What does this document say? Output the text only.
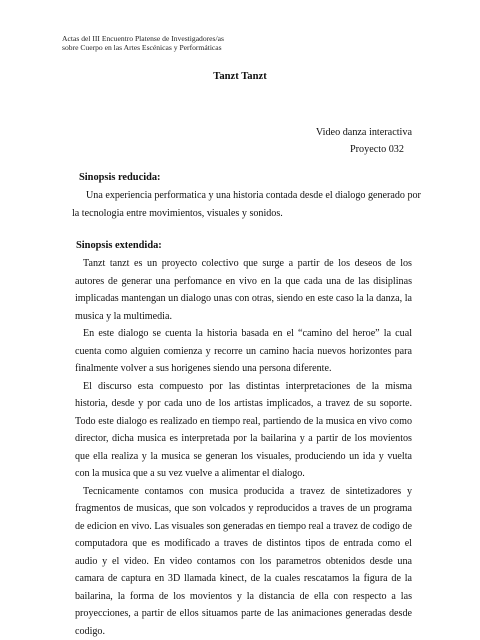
Actas del III Encuentro Platense de Investigadores/as
sobre Cuerpo en las Artes Escénicas y Performáticas
Tanzt Tanzt
Video danza interactiva
Proyecto 032
Sinopsis reducida:
Una experiencia performatica y una historia contada desde el dialogo generado por
la tecnologia entre movimientos, visuales y sonidos.
Sinopsis extendida:

Tanzt tanzt es un proyecto colectivo que surge a partir de los deseos de los autores de generar una perfomance en vivo en la que cada una de las disiplinas implicadas mantengan un dialogo unas con otras, siendo en este caso la la danza, la musica y la multimedia.

En este dialogo se cuenta la historia basada en el “camino del heroe” la cual cuenta como alguien comienza y recorre un camino hacia nuevos horizontes para finalmente volver a sus horigenes siendo una persona diferente.

El discurso esta compuesto por las distintas interpretaciones de la misma historia, desde y por cada uno de los artistas implicados, a travez de su soporte. Todo este dialogo es realizado en tiempo real, partiendo de la musica en vivo como director, dicha musica es interpretada por la bailarina y a partir de los movientos que ella realiza y la musica se generan los visuales, produciendo un ida y vuelta con la musica que a su vez vuelve a alimentar el dialogo.

Tecnicamente contamos con musica producida a travez de sintetizadores y fragmentos de musicas, que son volcados y reproducidos a traves de un programa de edicion en vivo. Las visuales son generadas en tiempo real a travez de codigo de computadora que es modificado a traves de distintos tipos de entrada como el audio y el video. En video contamos con los parametros obtenidos desde una camara de captura en 3D llamada kinect, de la cuales rescatamos la figura de la bailarina, la forma de los movientos y la distancia de ella con respecto a las proyecciones, a partir de ellos situamos parte de las animaciones generadas desde codigo.
